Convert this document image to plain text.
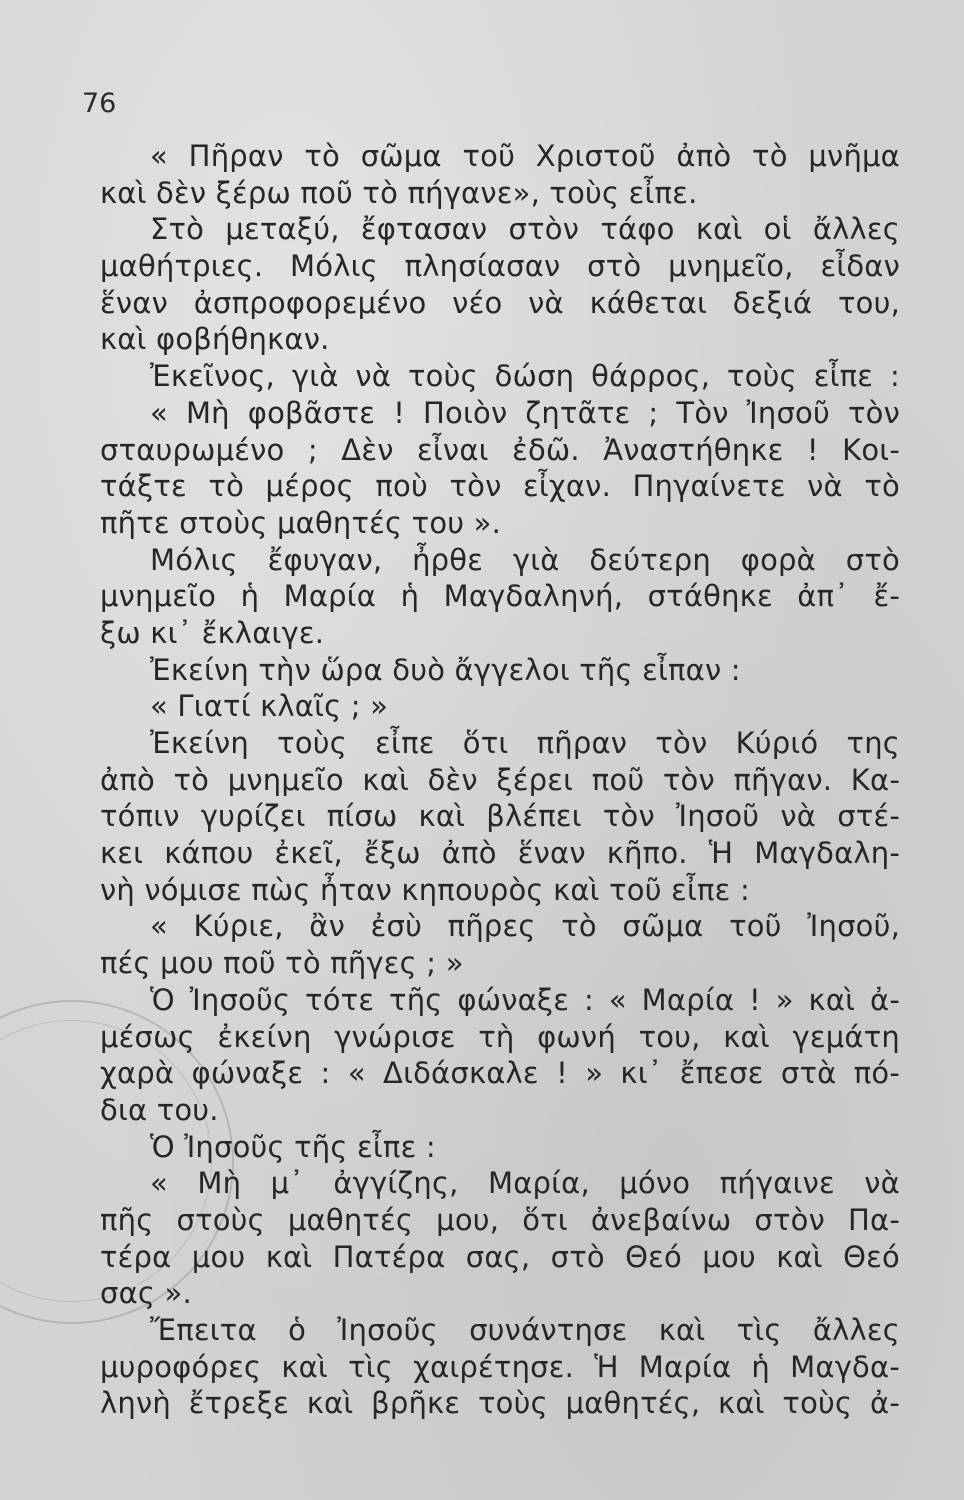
76
« Πῆραν τὸ σῶμα τοῦ Χριστοῦ ἀπὸ τὸ μνῆμα
καὶ δὲν ξέρω ποῦ τὸ πήγανε», τοὺς εἶπε.
Στὸ μεταξύ, ἔφτασαν στὸν τάφο καὶ οἱ ἄλλες
μαθήτριες. Μόλις πλησίασαν στὸ μνημεῖο, εἶδαν
ἕναν ἀσπροφορεμένο νέο νὰ κάθεται δεξιά του,
καὶ φοβήθηκαν.
Ἐκεῖνος, γιὰ νὰ τοὺς δώση θάρρος, τοὺς εἶπε :
« Μὴ φοβᾶστε ! Ποιὸν ζητᾶτε ; Τὸν Ἰησοῦ τὸν
σταυρωμένο ; Δὲν εἶναι ἐδῶ. Ἀναστήθηκε ! Κοι-
τάξτε τὸ μέρος ποὺ τὸν εἶχαν. Πηγαίνετε νὰ τὸ
πῆτε στοὺς μαθητές του ».
Μόλις ἔφυγαν, ἦρθε γιὰ δεύτερη φορὰ στὸ
μνημεῖο ἡ Μαρία ἡ Μαγδαληνή, στάθηκε ἀπ᾿ ἔ-
ξω κι᾿ ἔκλαιγε.
Ἐκείνη τὴν ὥρα δυὸ ἄγγελοι τῆς εἶπαν :
« Γιατί κλαῖς ; »
Ἐκείνη τοὺς εἶπε ὅτι πῆραν τὸν Κύριό της
ἀπὸ τὸ μνημεῖο καὶ δὲν ξέρει ποῦ τὸν πῆγαν. Κα-
τόπιν γυρίζει πίσω καὶ βλέπει τὸν Ἰησοῦ νὰ στέ-
κει κάπου ἐκεῖ, ἔξω ἀπὸ ἕναν κῆπο. Ἡ Μαγδαλη-
νὴ νόμισε πὼς ἦταν κηπουρὸς καὶ τοῦ εἶπε :
« Κύριε, ἂν ἐσὺ πῆρες τὸ σῶμα τοῦ Ἰησοῦ,
πές μου ποῦ τὸ πῆγες ; »
Ὁ Ἰησοῦς τότε τῆς φώναξε : « Μαρία ! » καὶ ἀ-
μέσως ἐκείνη γνώρισε τὴ φωνή του, καὶ γεμάτη
χαρὰ φώναξε : « Διδάσκαλε ! » κι᾿ ἔπεσε στὰ πό-
δια του.
Ὁ Ἰησοῦς τῆς εἶπε :
« Μὴ μ᾿ ἀγγίζης, Μαρία, μόνο πήγαινε νὰ
πῆς στοὺς μαθητές μου, ὅτι ἀνεβαίνω στὸν Πα-
τέρα μου καὶ Πατέρα σας, στὸ Θεό μου καὶ Θεό
σας ».
Ἔπειτα ὁ Ἰησοῦς συνάντησε καὶ τὶς ἄλλες
μυροφόρες καὶ τὶς χαιρέτησε. Ἡ Μαρία ἡ Μαγδα-
ληνὴ ἔτρεξε καὶ βρῆκε τοὺς μαθητές, καὶ τοὺς ἀ-
